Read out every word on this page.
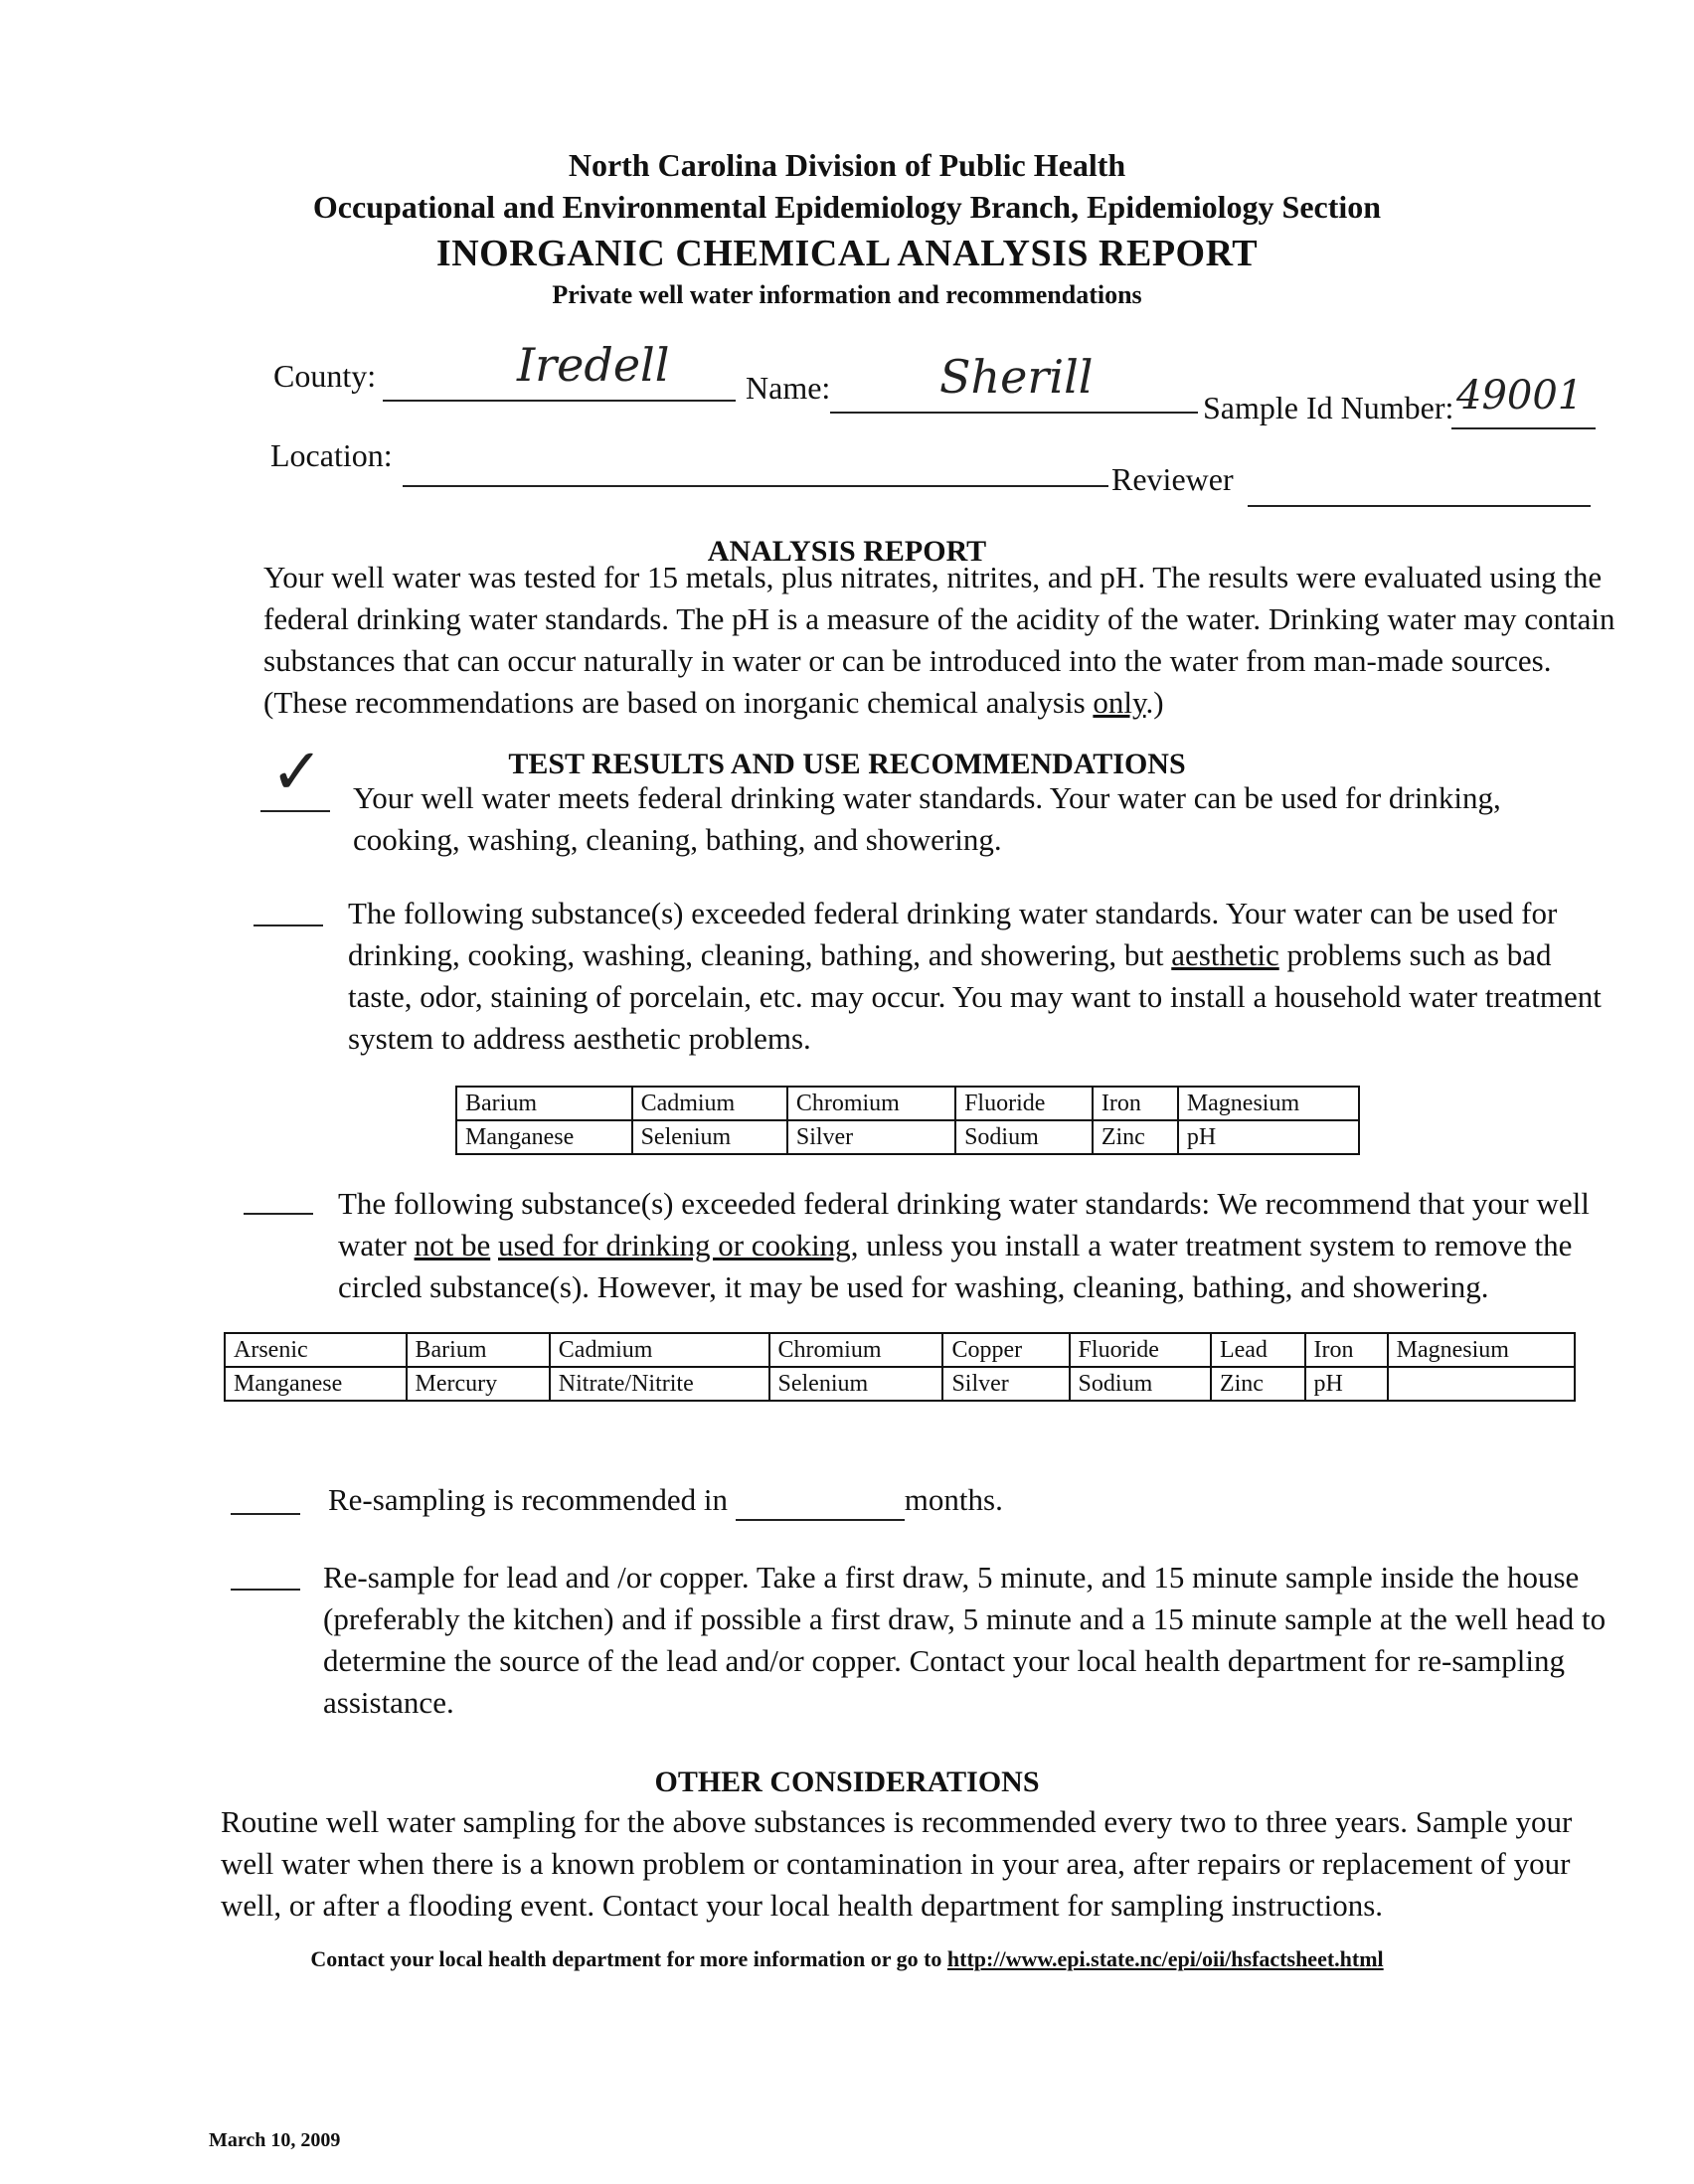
North Carolina Division of Public Health
Occupational and Environmental Epidemiology Branch, Epidemiology Section
INORGANIC CHEMICAL ANALYSIS REPORT
Private well water information and recommendations
County:	Iredell Name: Sherill
Sample Id Number: 49001
Location:
Reviewer
ANALYSIS REPORT
Your well water was tested for 15 metals, plus nitrates, nitrites, and pH. The results were evaluated using the federal drinking water standards. The pH is a measure of the acidity of the water. Drinking water may contain substances that can occur naturally in water or can be introduced into the water from man-made sources. (These recommendations are based on inorganic chemical analysis only.)
TEST RESULTS AND USE RECOMMENDATIONS
✓ Your well water meets federal drinking water standards. Your water can be used for drinking, cooking, washing, cleaning, bathing, and showering.
The following substance(s) exceeded federal drinking water standards. Your water can be used for drinking, cooking, washing, cleaning, bathing, and showering, but aesthetic problems such as bad taste, odor, staining of porcelain, etc. may occur. You may want to install a household water treatment system to address aesthetic problems.
Barium	Cadmium	Chromium	Fluoride	Iron	Magnesium
Manganese	Selenium	Silver	Sodium	Zinc	pH
The following substance(s) exceeded federal drinking water standards: We recommend that your well water not be used for drinking or cooking, unless you install a water treatment system to remove the circled substance(s). However, it may be used for washing, cleaning, bathing, and showering.
Arsenic	Barium	Cadmium	Chromium	Copper	Fluoride	Lead	Iron	Magnesium
Manganese	Mercury	Nitrate/Nitrite	Selenium	Silver	Sodium	Zinc	pH	
Re-sampling is recommended in	months.
Re-sample for lead and /or copper. Take a first draw, 5 minute, and 15 minute sample inside the house (preferably the kitchen) and if possible a first draw, 5 minute and a 15 minute sample at the well head to determine the source of the lead and/or copper. Contact your local health department for re-sampling assistance.
OTHER CONSIDERATIONS
Routine well water sampling for the above substances is recommended every two to three years. Sample your well water when there is a known problem or contamination in your area, after repairs or replacement of your well, or after a flooding event. Contact your local health department for sampling instructions.
Contact your local health department for more information or go to http://www.epi.state.nc/epi/oii/hsfactsheet.html
March 10, 2009
